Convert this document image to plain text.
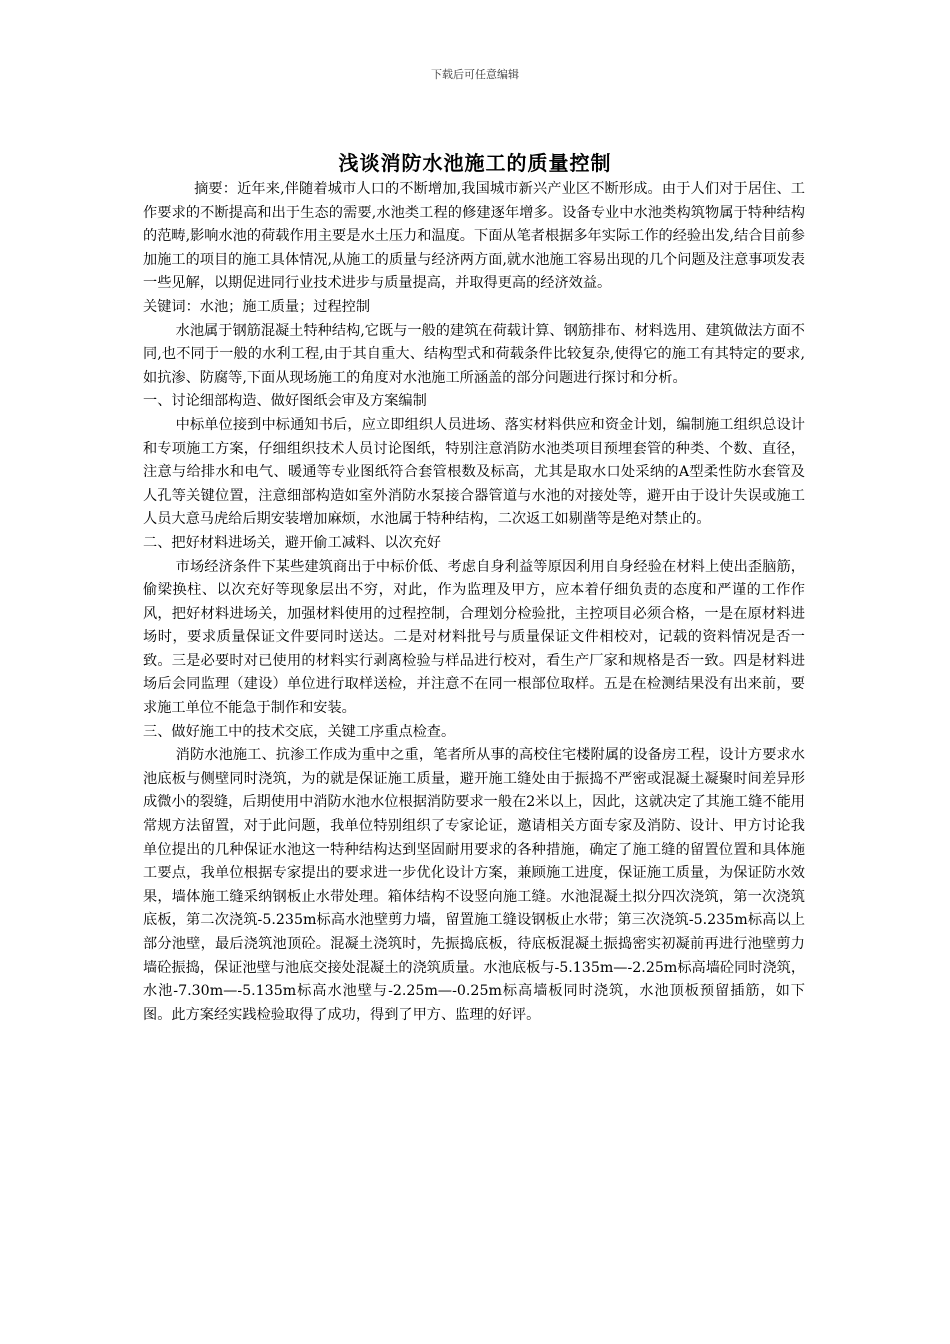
下载后可任意编辑
浅谈消防水池施工的质量控制

摘要：近年来,伴随着城市人口的不断增加,我国城市新兴产业区不断形成。由于人们对于居住、工作要求的不断提高和出于生态的需要,水池类工程的修建逐年增多。设备专业中水池类构筑物属于特种结构的范畴,影响水池的荷载作用主要是水土压力和温度。下面从笔者根据多年实际工作的经验出发,结合目前参加施工的项目的施工具体情况,从施工的质量与经济两方面,就水池施工容易出现的几个问题及注意事项发表一些见解，以期促进同行业技术进步与质量提高，并取得更高的经济效益。

关键词：水池；施工质量；过程控制

水池属于钢筋混凝土特种结构,它既与一般的建筑在荷载计算、钢筋排布、材料选用、建筑做法方面不同,也不同于一般的水利工程,由于其自重大、结构型式和荷载条件比较复杂,使得它的施工有其特定的要求,如抗渗、防腐等,下面从现场施工的角度对水池施工所涵盖的部分问题进行探讨和分析。

一、讨论细部构造、做好图纸会审及方案编制

中标单位接到中标通知书后，应立即组织人员进场、落实材料供应和资金计划，编制施工组织总设计和专项施工方案，仔细组织技术人员讨论图纸，特别注意消防水池类项目预埋套管的种类、个数、直径，注意与给排水和电气、暖通等专业图纸符合套管根数及标高，尤其是取水口处采纳的A型柔性防水套管及人孔等关键位置，注意细部构造如室外消防水泵接合器管道与水池的对接处等，避开由于设计失误或施工人员大意马虎给后期安装增加麻烦，水池属于特种结构，二次返工如剔凿等是绝对禁止的。

二、把好材料进场关，避开偷工减料、以次充好

市场经济条件下某些建筑商出于中标价低、考虑自身利益等原因利用自身经验在材料上使出歪脑筋，偷梁换柱、以次充好等现象层出不穷，对此，作为监理及甲方，应本着仔细负责的态度和严谨的工作作风，把好材料进场关，加强材料使用的过程控制，合理划分检验批，主控项目必须合格，一是在原材料进场时，要求质量保证文件要同时送达。二是对材料批号与质量保证文件相校对，记载的资料情况是否一致。三是必要时对已使用的材料实行剥离检验与样品进行校对，看生产厂家和规格是否一致。四是材料进场后会同监理（建设）单位进行取样送检，并注意不在同一根部位取样。五是在检测结果没有出来前，要求施工单位不能急于制作和安装。

三、做好施工中的技术交底，关键工序重点检查。

消防水池施工、抗渗工作成为重中之重，笔者所从事的高校住宅楼附属的设备房工程，设计方要求水池底板与侧壁同时浇筑，为的就是保证施工质量，避开施工缝处由于振捣不严密或混凝土凝聚时间差异形成微小的裂缝，后期使用中消防水池水位根据消防要求一般在2米以上，因此，这就决定了其施工缝不能用常规方法留置，对于此问题，我单位特别组织了专家论证，邀请相关方面专家及消防、设计、甲方讨论我单位提出的几种保证水池这一特种结构达到坚固耐用要求的各种措施，确定了施工缝的留置位置和具体施工要点，我单位根据专家提出的要求进一步优化设计方案，兼顾施工进度，保证施工质量，为保证防水效果，墙体施工缝采纳钢板止水带处理。箱体结构不设竖向施工缝。水池混凝土拟分四次浇筑，第一次浇筑底板，第二次浇筑-5.235m标高水池壁剪力墙，留置施工缝设钢板止水带；第三次浇筑-5.235m标高以上部分池壁，最后浇筑池顶砼。混凝土浇筑时，先振捣底板，待底板混凝土振捣密实初凝前再进行池壁剪力墙砼振捣，保证池壁与池底交接处混凝土的浇筑质量。水池底板与-5.135m—-2.25m标高墙砼同时浇筑，水池-7.30m—-5.135m标高水池壁与-2.25m—-0.25m标高墙板同时浇筑，水池顶板预留插筋，如下图。此方案经实践检验取得了成功，得到了甲方、监理的好评。
